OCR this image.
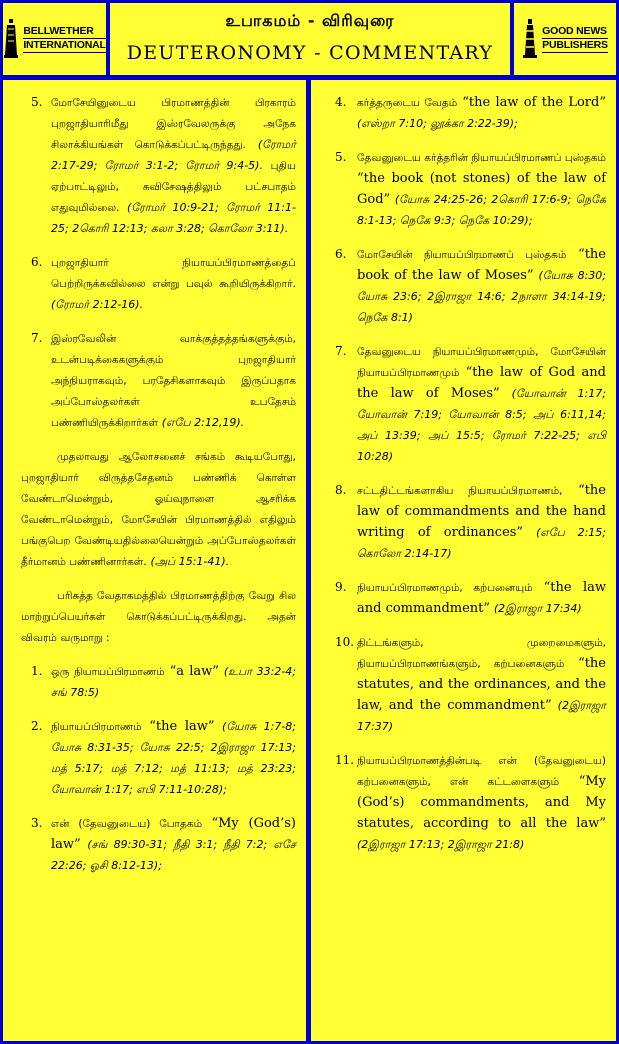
BELLWETHER
INTERNATIONAL
உபாகமம் - விரிவுரை
DEUTERONOMY - COMMENTARY
GOOD NEWS
PUBLISHERS
5. மோசேயினுடைய பிரமாணத்தின் பிரகாரம் புறஜாதியாரிமீது இஸ்ரவேலருக்கு அநேக சிலாக்கியங்கள் கொடுக்கப்பட்டிருந்தது. (ரோமர் 2:17-29; ரோமர் 3:1-2; ரோமர் 9:4-5). புதிய ஏற்பாட்டிலும், சுவிசேஷத்திலும் பட்சபாதம் எதுவுமில்லை. (ரோமர் 10:9-21; ரோமர் 11:1-25; 2கொரி 12:13; கலா 3:28; கொலோ 3:11).
6. புறஜாதியார் நியாயப்பிரமாணத்தைப் பெற்றிருக்கவில்லை என்று பவுல் கூறியிருக்கிறார். (ரோமர் 2:12-16).
7. இஸ்ரவேலின் வாக்குத்தத்தங்களுக்கும், உடன்படிக்கைகளுக்கும் புறஜாதியார் அந்நியராகவும், பரதேசிகளாகவும் இருப்பதாக அப்போஸ்தலர்கள் உபதேசம் பண்ணியிருக்கிறார்கள் (எபே 2:12,19).

முதலாவது ஆலோசனைச் சங்கம் கூடியபோது, புறஜாதியார் விருத்தசேதனம் பண்ணிக் கொள்ள வேண்டாமென்றும், ஓய்வுநாளை ஆசரிக்க வேண்டாமென்றும், மோசேயின் பிரமாணத்தில் எதிலும் பங்குபெற வேண்டியதில்லையென்றும் அப்போஸ்தலர்கள் தீர்மானம் பண்ணினார்கள். (அப் 15:1-41).

பரிசுத்த வேதாகமத்தில் பிரமாணத்திற்கு வேறு சில மாற்றுப்பெயர்கள் கொடுக்கப்பட்டிருக்கிறது. அதன் விவரம் வருமாறு :

1. ஒரு நியாயப்பிரமாணம் “a law” (உபா 33:2-4; சங் 78:5)
2. நியாயப்பிரமாணம் “the law” (யோசு 1:7-8; யோசு 8:31-35; யோசு 22:5; 2இராஜா 17:13; மத் 5:17; மத் 7:12; மத் 11:13; மத் 23:23; யோவான் 1:17; எபி 7:11-10:28);
3. என் (தேவனுடைய) போதகம் “My (God’s) law” (சங் 89:30-31; நீதி 3:1; நீதி 7:2; எசே 22:26; ஓசி 8:12-13);
4.	கர்த்தருடைய வேதம் “the law of the Lord” (எஸ்றா 7:10; லூக்கா 2:22-39);
5.	தேவனுடைய கர்த்தரின் நியாயப்பிரமாணப் புஸ்தகம் “the book (not stones) of the law of God” (யோசு 24:25-26; 2கொரி 17:6-9; நெகே 8:1-13; நெகே 9:3; நெகே 10:29);
6.	மோசேயின் நியாயப்பிரமாணப் புஸ்தகம் “the book of the law of Moses” (யோசு 8:30; யோசு 23:6; 2இராஜா 14:6; 2நாளா 34:14-19; நெகே 8:1)
7.	தேவனுடைய நியாயப்பிரமாணமும், மோசேயின் நியாயப்பிரமாணமும் “the law of God and the law of Moses” (யோவான் 1:17; யோவான் 7:19; யோவான் 8:5; அப் 6:11,14; அப் 13:39; அப் 15:5; ரோமர் 7:22-25; எபி 10:28)
8.	சட்டதிட்டங்களாகிய நியாயப்பிரமாணம், “the law of commandments and the hand writing of ordinances” (எபே 2:15; கொலோ 2:14-17)
9.	நியாயப்பிரமாணமும், கற்பனையும் “the law and commandment” (2இராஜா 17:34)
10. திட்டங்களும், முறைமைகளும், நியாயப்பிரமாணங்களும், கற்பனைகளும் “the statutes, and the ordinances, and the law, and the commandment” (2இராஜா 17:37)
11. நியாயப்பிரமாணத்தின்படி என் (தேவனுடைய) கற்பனைகளும், என் கட்டளைகளும் “My (God’s) commandments, and My statutes, according to all the law” (2இராஜா 17:13; 2இராஜா 21:8)
